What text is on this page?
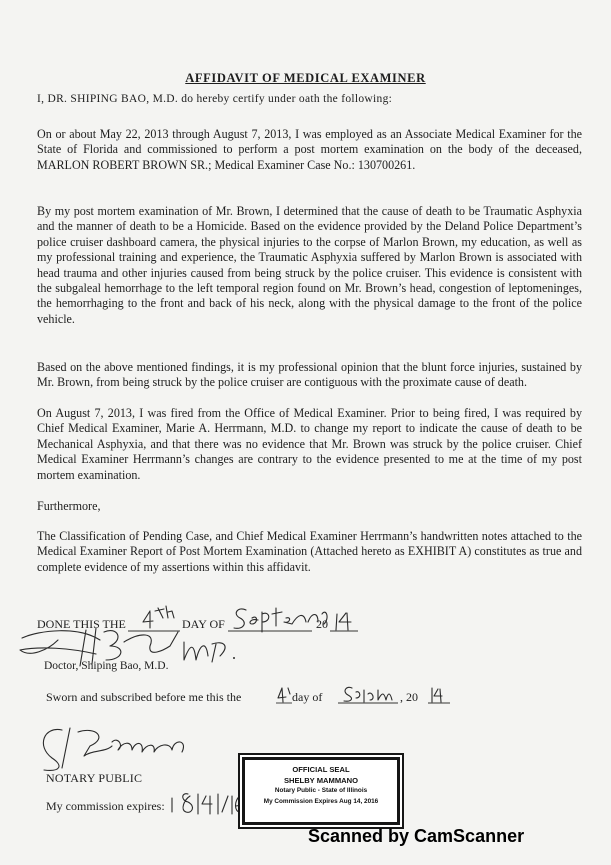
AFFIDAVIT OF MEDICAL EXAMINER

I, DR. SHIPING BAO, M.D. do hereby certify under oath the following:

On or about May 22, 2013 through August 7, 2013, I was employed as an Associate Medical Examiner for the State of Florida and commissioned to perform a post mortem examination on the body of the deceased, MARLON ROBERT BROWN SR.; Medical Examiner Case No.: 130700261.

By my post mortem examination of Mr. Brown, I determined that the cause of death to be Traumatic Asphyxia and the manner of death to be a Homicide. Based on the evidence provided by the Deland Police Department’s police cruiser dashboard camera, the physical injuries to the corpse of Marlon Brown, my education, as well as my professional training and experience, the Traumatic Asphyxia suffered by Marlon Brown is associated with head trauma and other injuries caused from being struck by the police cruiser. This evidence is consistent with the subgaleal hemorrhage to the left temporal region found on Mr. Brown’s head, congestion of leptomeninges, the hemorrhaging to the front and back of his neck, along with the physical damage to the front of the police vehicle.

Based on the above mentioned findings, it is my professional opinion that the blunt force injuries, sustained by Mr. Brown, from being struck by the police cruiser are contiguous with the proximate cause of death.

On August 7, 2013, I was fired from the Office of Medical Examiner. Prior to being fired, I was required by Chief Medical Examiner, Marie A. Herrmann, M.D. to change my report to indicate the cause of death to be Mechanical Asphyxia, and that there was no evidence that Mr. Brown was struck by the police cruiser. Chief Medical Examiner Herrmann’s changes are contrary to the evidence presented to me at the time of my post mortem examination.

Furthermore,

The Classification of Pending Case, and Chief Medical Examiner Herrmann’s handwritten notes attached to the Medical Examiner Report of Post Mortem Examination (Attached hereto as EXHIBIT A) constitutes as true and complete evidence of my assertions within this affidavit.

DONE THIS THE	DAY OF	20
Doctor, Shiping Bao, M.D.
Sworn and subscribed before me this the	day of	, 20
NOTARY PUBLIC
My commission expires:
OFFICIAL SEAL
SHELBY MAMMANO
Notary Public - State of Illinois
My Commission Expires Aug 14, 2016
Scanned by CamScanner
